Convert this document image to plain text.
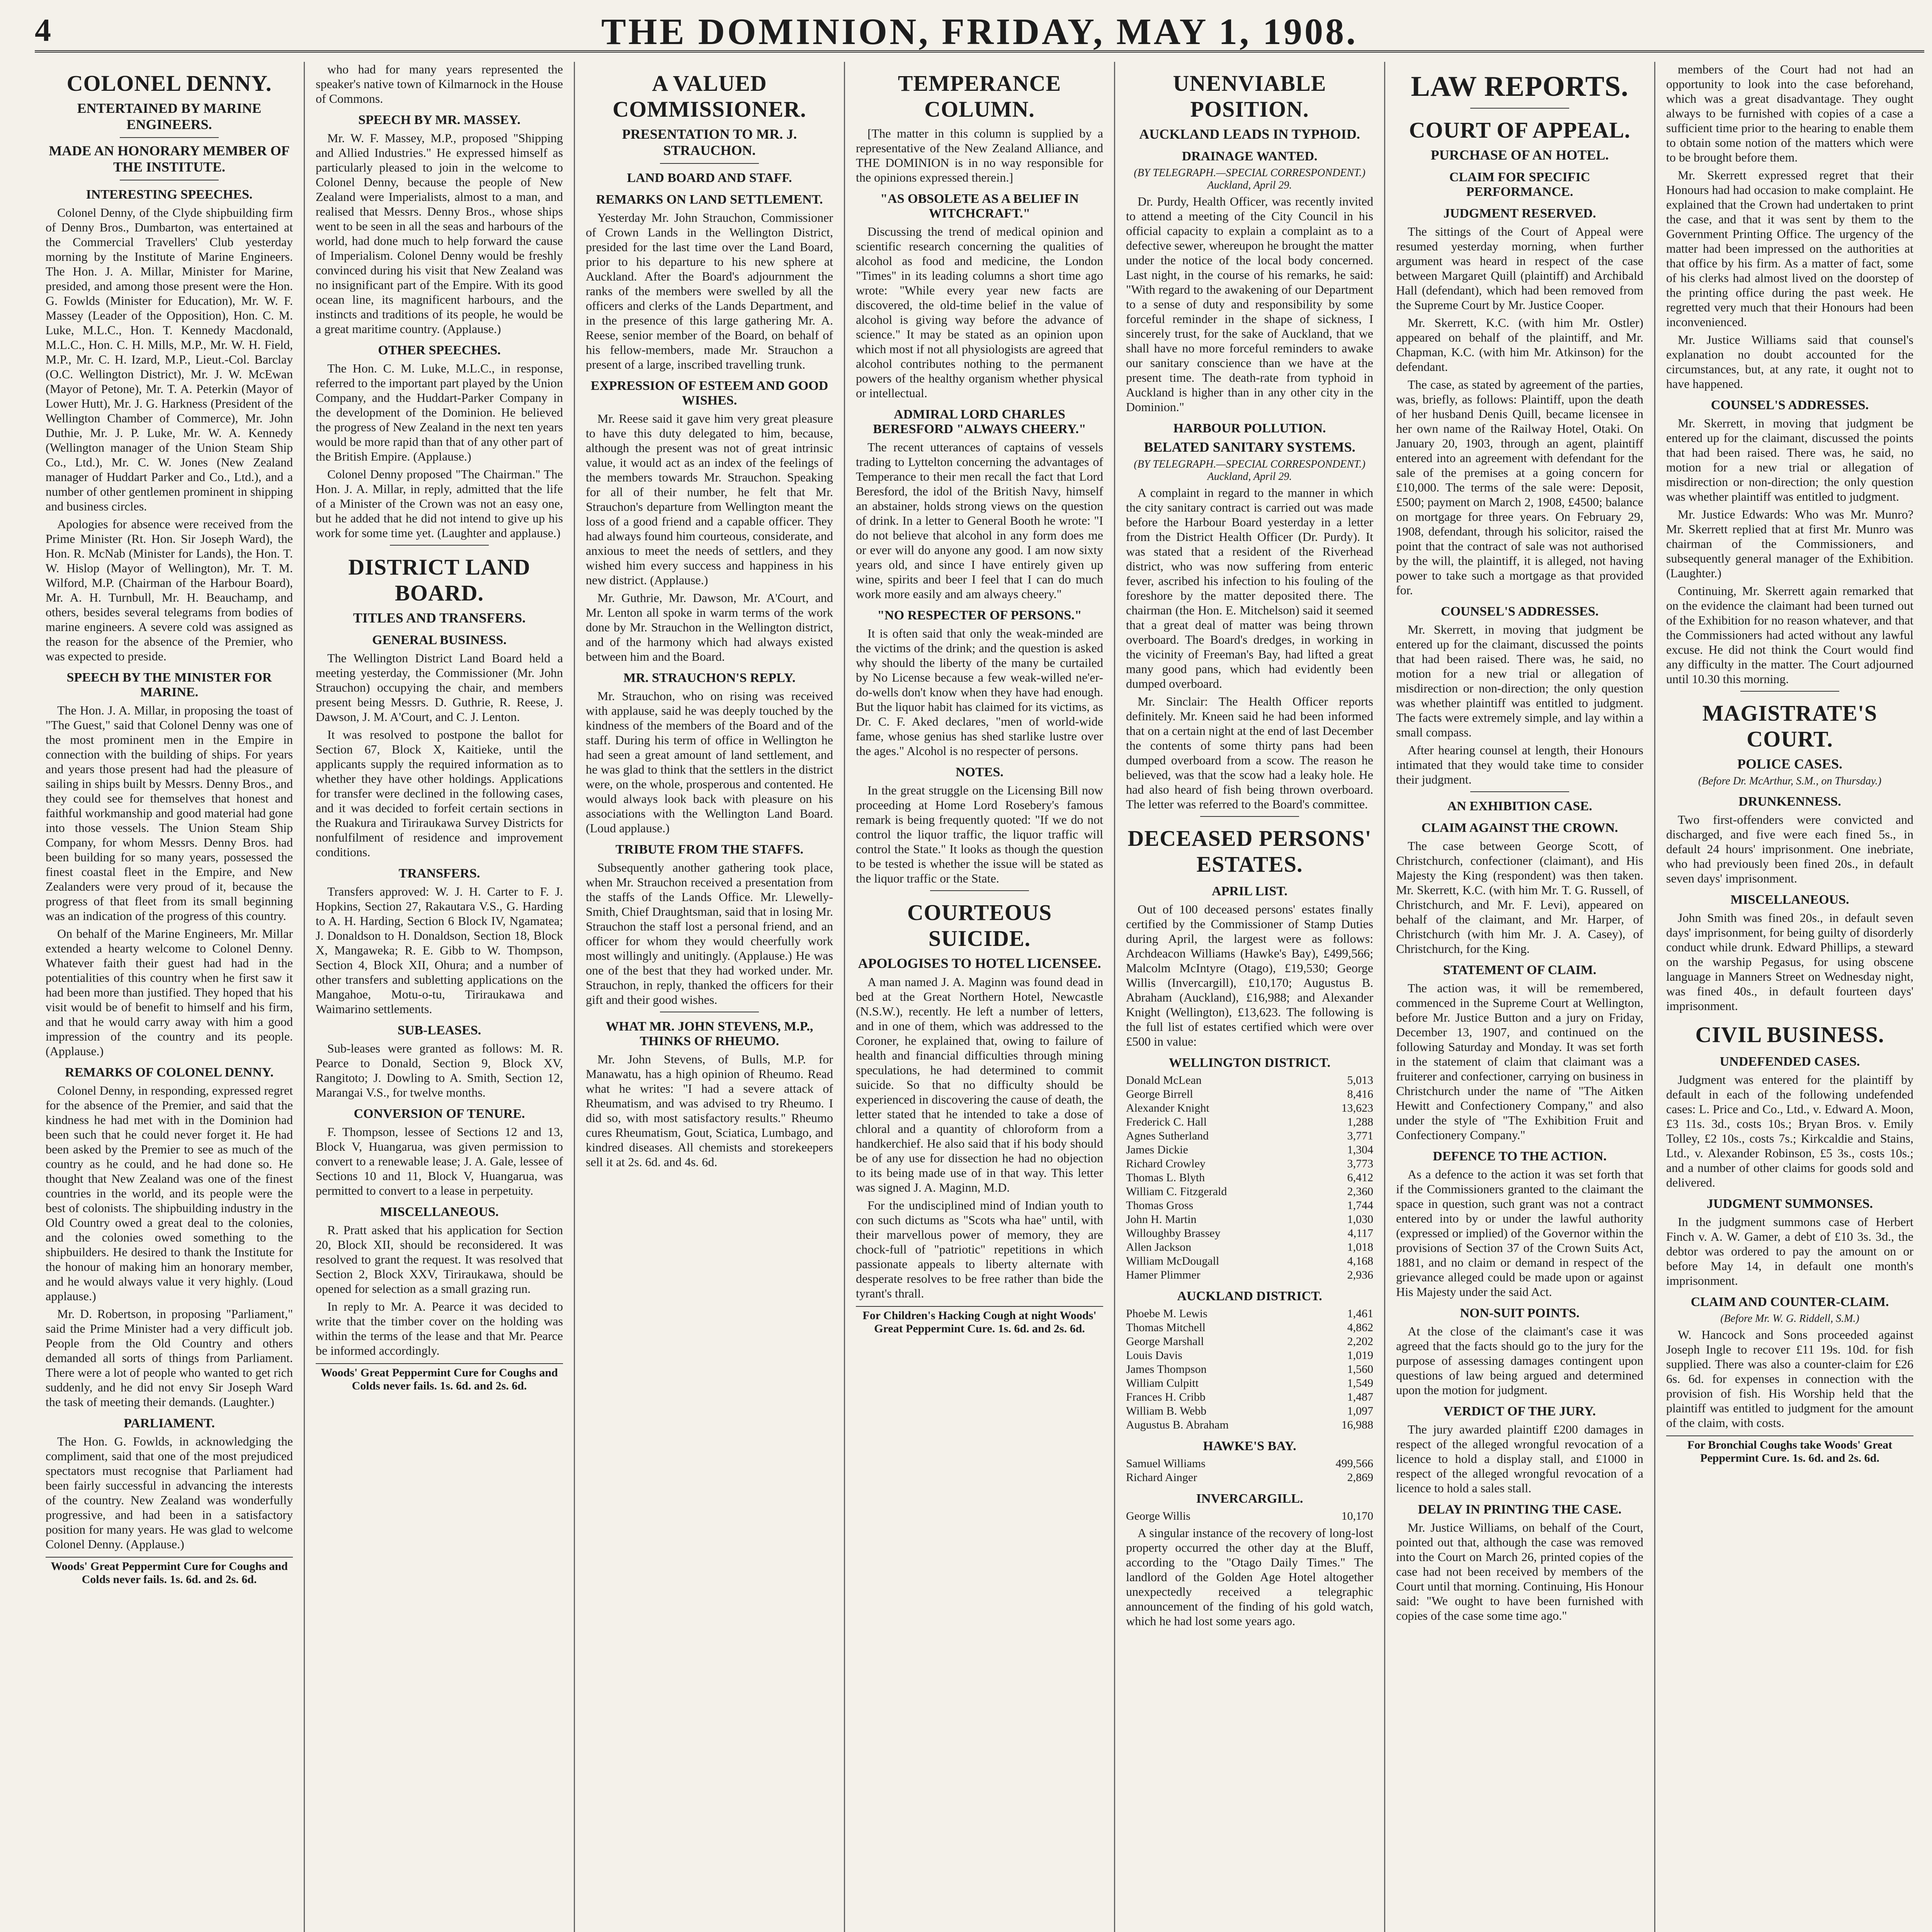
4	THE DOMINION, FRIDAY, MAY 1, 1908.
COLONEL DENNY.
ENTERTAINED BY MARINE ENGINEERS.
MADE AN HONORARY MEMBER OF THE INSTITUTE.
INTERESTING SPEECHES.

Colonel Denny, of the Clyde shipbuilding firm of Denny Bros., Dumbarton, was entertained at the Commercial Travellers' Club yesterday morning by the Institute of Marine Engineers. The Hon. J. A. Millar, Minister for Marine, presided, and among those present were the Hon. G. Fowlds (Minister for Education), Mr. W. F. Massey (Leader of the Opposition), Hon. C. M. Luke, M.L.C., Hon. T. Kennedy Macdonald, M.L.C., Hon. C. H. Mills, M.P., Mr. W. H. Field, M.P., Mr. C. H. Izard, M.P., Lieut.-Col. Barclay (O.C. Wellington District), Mr. J. W. McEwan (Mayor of Petone), Mr. T. A. Peterkin (Mayor of Lower Hutt), Mr. J. G. Harkness (President of the Wellington Chamber of Commerce), Mr. John Duthie, Mr. J. P. Luke, Mr. W. A. Kennedy (Wellington manager of the Union Steam Ship Co., Ltd.), Mr. C. W. Jones (New Zealand manager of Huddart Parker and Co., Ltd.), and a number of other gentlemen prominent in shipping and business circles.

Apologies for absence were received from the Prime Minister (Rt. Hon. Sir Joseph Ward), the Hon. R. McNab (Minister for Lands), the Hon. T. W. Hislop (Mayor of Wellington), Mr. T. M. Wilford, M.P. (Chairman of the Harbour Board), Mr. A. H. Turnbull, Mr. H. Beauchamp, and others, besides several telegrams from bodies of marine engineers. A severe cold was assigned as the reason for the absence of the Premier, who was expected to preside.

SPEECH BY THE MINISTER FOR MARINE.

The Hon. J. A. Millar, in proposing the toast of "The Guest," said that Colonel Denny was one of the most prominent men in the Empire in connection with the building of ships. For years and years those present had had the pleasure of sailing in ships built by Messrs. Denny Bros., and they could see for themselves that honest and faithful workmanship and good material had gone into those vessels. The Union Steam Ship Company, for whom Messrs. Denny Bros. had been building for so many years, possessed the finest coastal fleet in the Empire, and New Zealanders were very proud of it, because the progress of that fleet from its small beginning was an indication of the progress of this country.

On behalf of the Marine Engineers, Mr. Millar extended a hearty welcome to Colonel Denny. Whatever faith their guest had had in the potentialities of this country when he first saw it had been more than justified. They hoped that his visit would be of benefit to himself and his firm, and that he would carry away with him a good impression of the country and its people. (Applause.)

REMARKS OF COLONEL DENNY.

Colonel Denny, in responding, expressed regret for the absence of the Premier, and said that the kindness he had met with in the Dominion had been such that he could never forget it. He had been asked by the Premier to see as much of the country as he could, and he had done so. He thought that New Zealand was one of the finest countries in the world, and its people were the best of colonists. The shipbuilding industry in the Old Country owed a great deal to the colonies, and the colonies owed something to the shipbuilders. He desired to thank the Institute for the honour of making him an honorary member, and he would always value it very highly. (Loud applause.)

Mr. D. Robertson, in proposing "Parliament," said the Prime Minister had a very difficult job. People from the Old Country and others demanded all sorts of things from Parliament. There were a lot of people who wanted to get rich suddenly, and he did not envy Sir Joseph Ward the task of meeting their demands. (Laughter.)

PARLIAMENT.

The Hon. G. Fowlds, in acknowledging the compliment, said that one of the most prejudiced spectators must recognise that Parliament had been fairly successful in advancing the interests of the country. New Zealand was wonderfully progressive, and had been in a satisfactory position for many years. He was glad to welcome Colonel Denny. (Applause.)

Woods' Great Peppermint Cure for Coughs and Colds never fails. 1s. 6d. and 2s. 6d.

who had for many years represented the speaker's native town of Kilmarnock in the House of Commons.

SPEECH BY MR. MASSEY.

Mr. W. F. Massey, M.P., proposed "Shipping and Allied Industries." He expressed himself as particularly pleased to join in the welcome to Colonel Denny, because the people of New Zealand were Imperialists, almost to a man, and realised that Messrs. Denny Bros., whose ships went to be seen in all the seas and harbours of the world, had done much to help forward the cause of Imperialism. Colonel Denny would be freshly convinced during his visit that New Zealand was no insignificant part of the Empire. With its good ocean line, its magnificent harbours, and the instincts and traditions of its people, he would be a great maritime country. (Applause.)

OTHER SPEECHES.

The Hon. C. M. Luke, M.L.C., in response, referred to the important part played by the Union Company, and the Huddart-Parker Company in the development of the Dominion. He believed the progress of New Zealand in the next ten years would be more rapid than that of any other part of the British Empire. (Applause.)

Colonel Denny proposed "The Chairman." The Hon. J. A. Millar, in reply, admitted that the life of a Minister of the Crown was not an easy one, but he added that he did not intend to give up his work for some time yet. (Laughter and applause.)

DISTRICT LAND BOARD.
TITLES AND TRANSFERS.
GENERAL BUSINESS.

The Wellington District Land Board held a meeting yesterday, the Commissioner (Mr. John Strauchon) occupying the chair, and members present being Messrs. D. Guthrie, R. Reese, J. Dawson, J. M. A'Court, and C. J. Lenton.

It was resolved to postpone the ballot for Section 67, Block X, Kaitieke, until the applicants supply the required information as to whether they have other holdings. Applications for transfer were declined in the following cases, and it was decided to forfeit certain sections in the Ruakura and Tiriraukawa Survey Districts for nonfulfilment of residence and improvement conditions.

TRANSFERS.

Transfers approved: W. J. H. Carter to F. J. Hopkins, Section 27, Rakautara V.S., G. Harding to A. H. Harding, Section 6 Block IV, Ngamatea; J. Donaldson to H. Donaldson, Section 18, Block X, Mangaweka; R. E. Gibb to W. Thompson, Section 4, Block XII, Ohura; and a number of other transfers and subletting applications on the Mangahoe, Motu-o-tu, Tiriraukawa and Waimarino settlements.

SUB-LEASES.

Sub-leases were granted as follows: M. R. Pearce to Donald, Section 9, Block XV, Rangitoto; J. Dowling to A. Smith, Section 12, Marangai V.S., for twelve months.

CONVERSION OF TENURE.

F. Thompson, lessee of Sections 12 and 13, Block V, Huangarua, was given permission to convert to a renewable lease; J. A. Gale, lessee of Sections 10 and 11, Block V, Huangarua, was permitted to convert to a lease in perpetuity.

MISCELLANEOUS.

R. Pratt asked that his application for Section 20, Block XII, should be reconsidered. It was resolved to grant the request. It was resolved that Section 2, Block XXV, Tiriraukawa, should be opened for selection as a small grazing run.

In reply to Mr. A. Pearce it was decided to write that the timber cover on the holding was within the terms of the lease and that Mr. Pearce be informed accordingly.

Woods' Great Peppermint Cure for Coughs and Colds never fails. 1s. 6d. and 2s. 6d.
A VALUED COMMISSIONER.
PRESENTATION TO MR. J. STRAUCHON.
LAND BOARD AND STAFF.
REMARKS ON LAND SETTLEMENT.

Yesterday Mr. John Strauchon, Commissioner of Crown Lands in the Wellington District, presided for the last time over the Land Board, prior to his departure to his new sphere at Auckland. After the Board's adjournment the ranks of the members were swelled by all the officers and clerks of the Lands Department, and in the presence of this large gathering Mr. A. Reese, senior member of the Board, on behalf of his fellow-members, made Mr. Strauchon a present of a large, inscribed travelling trunk.

EXPRESSION OF ESTEEM AND GOOD WISHES.

Mr. Reese said it gave him very great pleasure to have this duty delegated to him, because, although the present was not of great intrinsic value, it would act as an index of the feelings of the members towards Mr. Strauchon. Speaking for all of their number, he felt that Mr. Strauchon's departure from Wellington meant the loss of a good friend and a capable officer. They had always found him courteous, considerate, and anxious to meet the needs of settlers, and they wished him every success and happiness in his new district. (Applause.)

Mr. Guthrie, Mr. Dawson, Mr. A'Court, and Mr. Lenton all spoke in warm terms of the work done by Mr. Strauchon in the Wellington district, and of the harmony which had always existed between him and the Board.

MR. STRAUCHON'S REPLY.

Mr. Strauchon, who on rising was received with applause, said he was deeply touched by the kindness of the members of the Board and of the staff. During his term of office in Wellington he had seen a great amount of land settlement, and he was glad to think that the settlers in the district were, on the whole, prosperous and contented. He would always look back with pleasure on his associations with the Wellington Land Board. (Loud applause.)

TRIBUTE FROM THE STAFFS.

Subsequently another gathering took place, when Mr. Strauchon received a presentation from the staffs of the Lands Office. Mr. Llewelly-Smith, Chief Draughtsman, said that in losing Mr. Strauchon the staff lost a personal friend, and an officer for whom they would cheerfully work most willingly and unitingly. (Applause.) He was one of the best that they had worked under. Mr. Strauchon, in reply, thanked the officers for their gift and their good wishes.

WHAT MR. JOHN STEVENS, M.P., THINKS OF RHEUMO.

Mr. John Stevens, of Bulls, M.P. for Manawatu, has a high opinion of Rheumo. Read what he writes: "I had a severe attack of Rheumatism, and was advised to try Rheumo. I did so, with most satisfactory results." Rheumo cures Rheumatism, Gout, Sciatica, Lumbago, and kindred diseases. All chemists and storekeepers sell it at 2s. 6d. and 4s. 6d.

TEMPERANCE COLUMN.

[The matter in this column is supplied by a representative of the New Zealand Alliance, and THE DOMINION is in no way responsible for the opinions expressed therein.]

"AS OBSOLETE AS A BELIEF IN WITCHCRAFT."

Discussing the trend of medical opinion and scientific research concerning the qualities of alcohol as food and medicine, the London "Times" in its leading columns a short time ago wrote: "While every year new facts are discovered, the old-time belief in the value of alcohol is giving way before the advance of science." It may be stated as an opinion upon which most if not all physiologists are agreed that alcohol contributes nothing to the permanent powers of the healthy organism whether physical or intellectual.

ADMIRAL LORD CHARLES BERESFORD "ALWAYS CHEERY."

The recent utterances of captains of vessels trading to Lyttelton concerning the advantages of Temperance to their men recall the fact that Lord Beresford, the idol of the British Navy, himself an abstainer, holds strong views on the question of drink. In a letter to General Booth he wrote: "I do not believe that alcohol in any form does me or ever will do anyone any good. I am now sixty years old, and since I have entirely given up wine, spirits and beer I feel that I can do much work more easily and am always cheery."

"NO RESPECTER OF PERSONS."

It is often said that only the weak-minded are the victims of the drink; and the question is asked why should the liberty of the many be curtailed by No License because a few weak-willed ne'er-do-wells don't know when they have had enough. But the liquor habit has claimed for its victims, as Dr. C. F. Aked declares, "men of world-wide fame, whose genius has shed starlike lustre over the ages." Alcohol is no respecter of persons.

NOTES.

In the great struggle on the Licensing Bill now proceeding at Home Lord Rosebery's famous remark is being frequently quoted: "If we do not control the liquor traffic, the liquor traffic will control the State." It looks as though the question to be tested is whether the issue will be stated as the liquor traffic or the State.

COURTEOUS SUICIDE.
APOLOGISES TO HOTEL LICENSEE.

A man named J. A. Maginn was found dead in bed at the Great Northern Hotel, Newcastle (N.S.W.), recently. He left a number of letters, and in one of them, which was addressed to the Coroner, he explained that, owing to failure of health and financial difficulties through mining speculations, he had determined to commit suicide. So that no difficulty should be experienced in discovering the cause of death, the letter stated that he intended to take a dose of chloral and a quantity of chloroform from a handkerchief. He also said that if his body should be of any use for dissection he had no objection to its being made use of in that way. This letter was signed J. A. Maginn, M.D.

For the undisciplined mind of Indian youth to con such dictums as "Scots wha hae" until, with their marvellous power of memory, they are chock-full of "patriotic" repetitions in which passionate appeals to liberty alternate with desperate resolves to be free rather than bide the tyrant's thrall.

For Children's Hacking Cough at night Woods' Great Peppermint Cure. 1s. 6d. and 2s. 6d.
UNENVIABLE POSITION.
AUCKLAND LEADS IN TYPHOID.
DRAINAGE WANTED.
(BY TELEGRAPH.—SPECIAL CORRESPONDENT.) Auckland, April 29.

Dr. Purdy, Health Officer, was recently invited to attend a meeting of the City Council in his official capacity to explain a complaint as to a defective sewer, whereupon he brought the matter under the notice of the local body concerned. Last night, in the course of his remarks, he said: "With regard to the awakening of our Department to a sense of duty and responsibility by some forceful reminder in the shape of sickness, I sincerely trust, for the sake of Auckland, that we shall have no more forceful reminders to awake our sanitary conscience than we have at the present time. The death-rate from typhoid in Auckland is higher than in any other city in the Dominion."

HARBOUR POLLUTION.
BELATED SANITARY SYSTEMS.
(BY TELEGRAPH.—SPECIAL CORRESPONDENT.) Auckland, April 29.

A complaint in regard to the manner in which the city sanitary contract is carried out was made before the Harbour Board yesterday in a letter from the District Health Officer (Dr. Purdy). It was stated that a resident of the Riverhead district, who was now suffering from enteric fever, ascribed his infection to his fouling of the foreshore by the matter deposited there. The chairman (the Hon. E. Mitchelson) said it seemed that a great deal of matter was being thrown overboard. The Board's dredges, in working in the vicinity of Freeman's Bay, had lifted a great many good pans, which had evidently been dumped overboard.

Mr. Sinclair: The Health Officer reports definitely. Mr. Kneen said he had been informed that on a certain night at the end of last December the contents of some thirty pans had been dumped overboard from a scow. The reason he believed, was that the scow had a leaky hole. He had also heard of fish being thrown overboard. The letter was referred to the Board's committee.

DECEASED PERSONS' ESTATES.
APRIL LIST.

Out of 100 deceased persons' estates finally certified by the Commissioner of Stamp Duties during April, the largest were as follows: Archdeacon Williams (Hawke's Bay), £499,566; Malcolm McIntyre (Otago), £19,530; George Willis (Invercargill), £10,170; Augustus B. Abraham (Auckland), £16,988; and Alexander Knight (Wellington), £13,623. The following is the full list of estates certified which were over £500 in value:

WELLINGTON DISTRICT.
Donald McLean	5,013
George Birrell	8,416
Alexander Knight	13,623
Frederick C. Hall	1,288
Agnes Sutherland	3,771
James Dickie	1,304
Richard Crowley	3,773
Thomas L. Blyth	6,412
William C. Fitzgerald	2,360
Thomas Gross	1,744
John H. Martin	1,030
Willoughby Brassey	4,117
Allen Jackson	1,018
William McDougall	4,168
Hamer Plimmer	2,936
AUCKLAND DISTRICT.
Phoebe M. Lewis	1,461
Thomas Mitchell	4,862
George Marshall	2,202
Louis Davis	1,019
James Thompson	1,560
William Culpitt	1,549
Frances H. Cribb	1,487
William B. Webb	1,097
Augustus B. Abraham	16,988
HAWKE'S BAY.
Samuel Williams	499,566
Richard Ainger	2,869
INVERCARGILL.
George Willis	10,170

A singular instance of the recovery of long-lost property occurred the other day at the Bluff, according to the "Otago Daily Times." The landlord of the Golden Age Hotel altogether unexpectedly received a telegraphic announcement of the finding of his gold watch, which he had lost some years ago.

LAW REPORTS.
COURT OF APPEAL.
PURCHASE OF AN HOTEL.
CLAIM FOR SPECIFIC PERFORMANCE.
JUDGMENT RESERVED.

The sittings of the Court of Appeal were resumed yesterday morning, when further argument was heard in respect of the case between Margaret Quill (plaintiff) and Archibald Hall (defendant), which had been removed from the Supreme Court by Mr. Justice Cooper.

Mr. Skerrett, K.C. (with him Mr. Ostler) appeared on behalf of the plaintiff, and Mr. Chapman, K.C. (with him Mr. Atkinson) for the defendant.

The case, as stated by agreement of the parties, was, briefly, as follows: Plaintiff, upon the death of her husband Denis Quill, became licensee in her own name of the Railway Hotel, Otaki. On January 20, 1903, through an agent, plaintiff entered into an agreement with defendant for the sale of the premises at a going concern for £10,000. The terms of the sale were: Deposit, £500; payment on March 2, 1908, £4500; balance on mortgage for three years. On February 29, 1908, defendant, through his solicitor, raised the point that the contract of sale was not authorised by the will, the plaintiff, it is alleged, not having power to take such a mortgage as that provided for.

COUNSEL'S ADDRESSES.

Mr. Skerrett, in moving that judgment be entered up for the claimant, discussed the points that had been raised. There was, he said, no motion for a new trial or allegation of misdirection or non-direction; the only question was whether plaintiff was entitled to judgment. The facts were extremely simple, and lay within a small compass.

After hearing counsel at length, their Honours intimated that they would take time to consider their judgment.

AN EXHIBITION CASE.
CLAIM AGAINST THE CROWN.

The case between George Scott, of Christchurch, confectioner (claimant), and His Majesty the King (respondent) was then taken. Mr. Skerrett, K.C. (with him Mr. T. G. Russell, of Christchurch, and Mr. F. Levi), appeared on behalf of the claimant, and Mr. Harper, of Christchurch (with him Mr. J. A. Casey), of Christchurch, for the King.

STATEMENT OF CLAIM.

The action was, it will be remembered, commenced in the Supreme Court at Wellington, before Mr. Justice Button and a jury on Friday, December 13, 1907, and continued on the following Saturday and Monday. It was set forth in the statement of claim that claimant was a fruiterer and confectioner, carrying on business in Christchurch under the name of "The Aitken Hewitt and Confectionery Company," and also under the style of "The Exhibition Fruit and Confectionery Company."

DEFENCE TO THE ACTION.

As a defence to the action it was set forth that if the Commissioners granted to the claimant the space in question, such grant was not a contract entered into by or under the lawful authority (expressed or implied) of the Governor within the provisions of Section 37 of the Crown Suits Act, 1881, and no claim or demand in respect of the grievance alleged could be made upon or against His Majesty under the said Act.

NON-SUIT POINTS.

At the close of the claimant's case it was agreed that the facts should go to the jury for the purpose of assessing damages contingent upon questions of law being argued and determined upon the motion for judgment.

VERDICT OF THE JURY.

The jury awarded plaintiff £200 damages in respect of the alleged wrongful revocation of a licence to hold a display stall, and £1000 in respect of the alleged wrongful revocation of a licence to hold a sales stall.

DELAY IN PRINTING THE CASE.

Mr. Justice Williams, on behalf of the Court, pointed out that, although the case was removed into the Court on March 26, printed copies of the case had not been received by members of the Court until that morning. Continuing, His Honour said: "We ought to have been furnished with copies of the case some time ago."

members of the Court had not had an opportunity to look into the case beforehand, which was a great disadvantage. They ought always to be furnished with copies of a case a sufficient time prior to the hearing to enable them to obtain some notion of the matters which were to be brought before them.

Mr. Skerrett expressed regret that their Honours had had occasion to make complaint. He explained that the Crown had undertaken to print the case, and that it was sent by them to the Government Printing Office. The urgency of the matter had been impressed on the authorities at that office by his firm. As a matter of fact, some of his clerks had almost lived on the doorstep of the printing office during the past week. He regretted very much that their Honours had been inconvenienced.

Mr. Justice Williams said that counsel's explanation no doubt accounted for the circumstances, but, at any rate, it ought not to have happened.

COUNSEL'S ADDRESSES.

Mr. Skerrett, in moving that judgment be entered up for the claimant, discussed the points that had been raised. There was, he said, no motion for a new trial or allegation of misdirection or non-direction; the only question was whether plaintiff was entitled to judgment.

Mr. Justice Edwards: Who was Mr. Munro? Mr. Skerrett replied that at first Mr. Munro was chairman of the Commissioners, and subsequently general manager of the Exhibition. (Laughter.)

Continuing, Mr. Skerrett again remarked that on the evidence the claimant had been turned out of the Exhibition for no reason whatever, and that the Commissioners had acted without any lawful excuse. He did not think the Court would find any difficulty in the matter. The Court adjourned until 10.30 this morning.

MAGISTRATE'S COURT.
POLICE CASES.
(Before Dr. McArthur, S.M., on Thursday.)
DRUNKENNESS.

Two first-offenders were convicted and discharged, and five were each fined 5s., in default 24 hours' imprisonment. One inebriate, who had previously been fined 20s., in default seven days' imprisonment.

MISCELLANEOUS.

John Smith was fined 20s., in default seven days' imprisonment, for being guilty of disorderly conduct while drunk. Edward Phillips, a steward on the warship Pegasus, for using obscene language in Manners Street on Wednesday night, was fined 40s., in default fourteen days' imprisonment.

CIVIL BUSINESS.
UNDEFENDED CASES.

Judgment was entered for the plaintiff by default in each of the following undefended cases: L. Price and Co., Ltd., v. Edward A. Moon, £3 11s. 3d., costs 10s.; Bryan Bros. v. Emily Tolley, £2 10s., costs 7s.; Kirkcaldie and Stains, Ltd., v. Alexander Robinson, £5 3s., costs 10s.; and a number of other claims for goods sold and delivered.

JUDGMENT SUMMONSES.

In the judgment summons case of Herbert Finch v. A. W. Gamer, a debt of £10 3s. 3d., the debtor was ordered to pay the amount on or before May 14, in default one month's imprisonment.

CLAIM AND COUNTER-CLAIM.
(Before Mr. W. G. Riddell, S.M.)

W. Hancock and Sons proceeded against Joseph Ingle to recover £11 19s. 10d. for fish supplied. There was also a counter-claim for £26 6s. 6d. for expenses in connection with the provision of fish. His Worship held that the plaintiff was entitled to judgment for the amount of the claim, with costs.

For Bronchial Coughs take Woods' Great Peppermint Cure. 1s. 6d. and 2s. 6d.
